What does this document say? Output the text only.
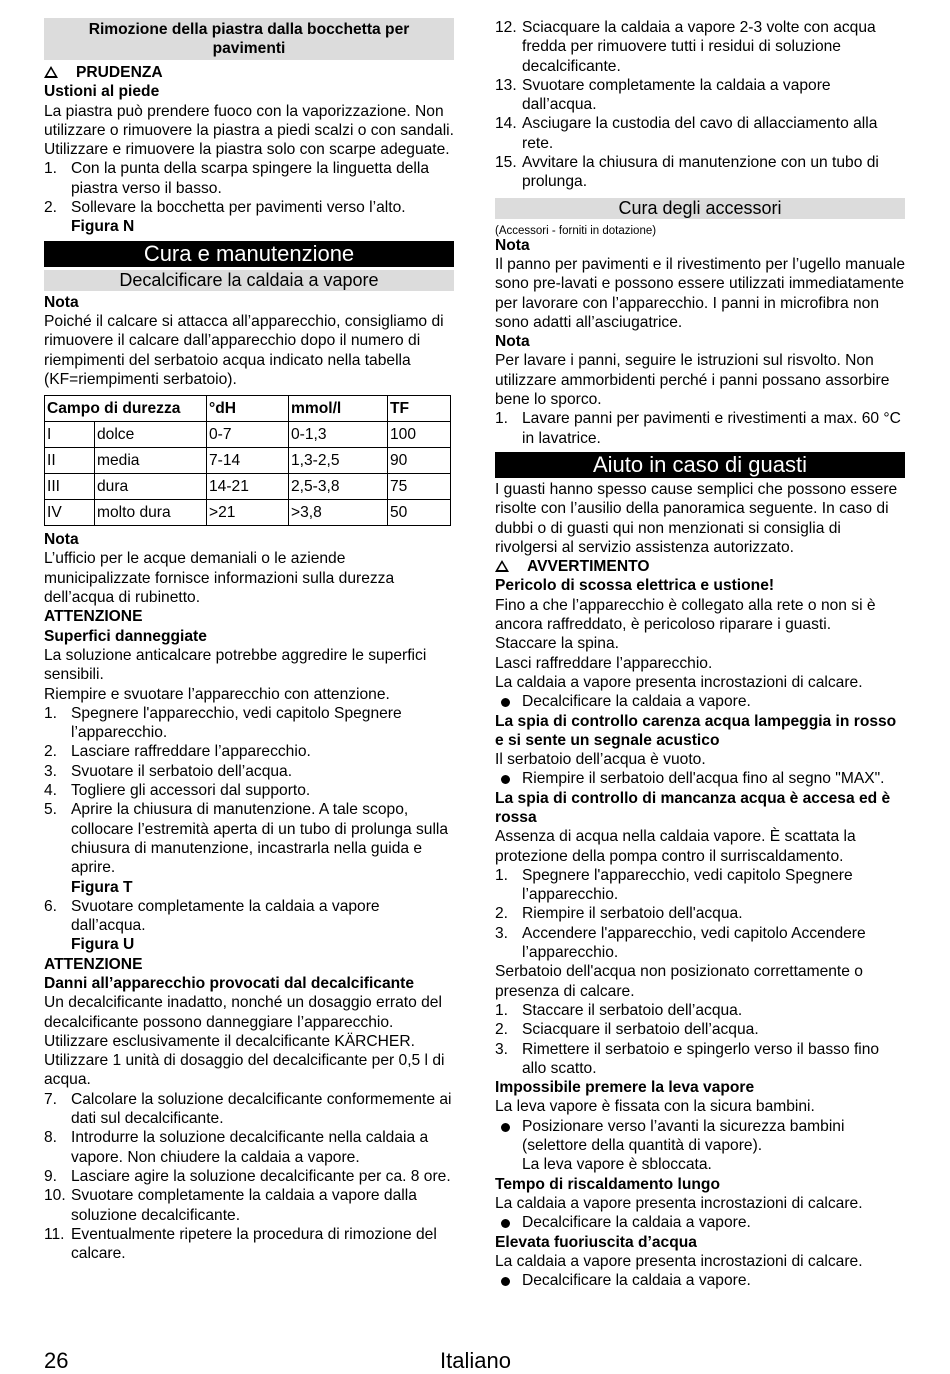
Rimozione della piastra dalla bocchetta per pavimenti

PRUDENZA

Ustioni al piede

La piastra può prendere fuoco con la vaporizzazione. Non utilizzare o rimuovere la piastra a piedi scalzi o con sandali.

Utilizzare e rimuovere la piastra solo con scarpe adeguate.

1. Con la punta della scarpa spingere la linguetta della piastra verso il basso.
2. Sollevare la bocchetta per pavimenti verso l’alto.
Figura N
Cura e manutenzione
Decalcificare la caldaia a vapore

Nota

Poiché il calcare si attacca all’apparecchio, consigliamo di rimuovere il calcare dall’apparecchio dopo il numero di riempimenti del serbatoio acqua indicato nella tabella (KF=riempimenti serbatoio).

Campo di durezza		°dH	mmol/l	TF
I	dolce	0-7	0-1,3	100
II	media	7-14	1,3-2,5	90
III	dura	14-21	2,5-3,8	75
IV	molto dura	>21	>3,8	50

Nota

L’ufficio per le acque demaniali o le aziende municipalizzate fornisce informazioni sulla durezza dell’acqua di rubinetto.

ATTENZIONE

Superfici danneggiate

La soluzione anticalcare potrebbe aggredire le superfici sensibili.

Riempire e svuotare l’apparecchio con attenzione.

1. Spegnere l'apparecchio, vedi capitolo Spegnere l’apparecchio.
2. Lasciare raffreddare l’apparecchio.
3. Svuotare il serbatoio dell’acqua.
4. Togliere gli accessori dal supporto.
5. Aprire la chiusura di manutenzione. A tale scopo, collocare l’estremità aperta di un tubo di prolunga sulla chiusura di manutenzione, incastrarla nella guida e aprire.
Figura T
6. Svuotare completamente la caldaia a vapore dall’acqua.
Figura U

ATTENZIONE

Danni all’apparecchio provocati dal decalcificante

Un decalcificante inadatto, nonché un dosaggio errato del decalcificante possono danneggiare l’apparecchio.

Utilizzare esclusivamente il decalcificante KÄRCHER.

Utilizzare 1 unità di dosaggio del decalcificante per 0,5 l di acqua.

7. Calcolare la soluzione decalcificante conformemente ai dati sul decalcificante.
8. Introdurre la soluzione decalcificante nella caldaia a vapore. Non chiudere la caldaia a vapore.
9. Lasciare agire la soluzione decalcificante per ca. 8 ore.
10. Svuotare completamente la caldaia a vapore dalla soluzione decalcificante.
11. Eventualmente ripetere la procedura di rimozione del calcare.
12. Sciacquare la caldaia a vapore 2-3 volte con acqua fredda per rimuovere tutti i residui di soluzione decalcificante.
13. Svuotare completamente la caldaia a vapore dall’acqua.
14. Asciugare la custodia del cavo di allacciamento alla rete.
15. Avvitare la chiusura di manutenzione con un tubo di prolunga.
Cura degli accessori

(Accessori - forniti in dotazione)

Nota

Il panno per pavimenti e il rivestimento per l’ugello manuale sono pre-lavati e possono essere utilizzati immediatamente per lavorare con l’apparecchio. I panni in microfibra non sono adatti all’asciugatrice.

Nota

Per lavare i panni, seguire le istruzioni sul risvolto. Non utilizzare ammorbidenti perché i panni possano assorbire bene lo sporco.

1. Lavare panni per pavimenti e rivestimenti a max. 60 °C in lavatrice.
Aiuto in caso di guasti

I guasti hanno spesso cause semplici che possono essere risolte con l’ausilio della panoramica seguente. In caso di dubbi o di guasti qui non menzionati si consiglia di rivolgersi al servizio assistenza autorizzato.

AVVERTIMENTO

Pericolo di scossa elettrica e ustione!

Fino a che l’apparecchio è collegato alla rete o non si è ancora raffreddato, è pericoloso riparare i guasti.

Staccare la spina.

Lasci raffreddare l’apparecchio.

La caldaia a vapore presenta incrostazioni di calcare.

Decalcificare la caldaia a vapore.

La spia di controllo carenza acqua lampeggia in rosso e si sente un segnale acustico

Il serbatoio dell’acqua è vuoto.

Riempire il serbatoio dell'acqua fino al segno "MAX".

La spia di controllo di mancanza acqua è accesa ed è rossa

Assenza di acqua nella caldaia vapore. È scattata la protezione della pompa contro il surriscaldamento.

1. Spegnere l'apparecchio, vedi capitolo Spegnere l’apparecchio.
2. Riempire il serbatoio dell'acqua.
3. Accendere l'apparecchio, vedi capitolo Accendere l’apparecchio.

Serbatoio dell'acqua non posizionato correttamente o presenza di calcare.

1. Staccare il serbatoio dell’acqua.
2. Sciacquare il serbatoio dell’acqua.
3. Rimettere il serbatoio e spingerlo verso il basso fino allo scatto.

Impossibile premere la leva vapore

La leva vapore è fissata con la sicura bambini.

Posizionare verso l’avanti la sicurezza bambini (selettore della quantità di vapore).
La leva vapore è sbloccata.

Tempo di riscaldamento lungo

La caldaia a vapore presenta incrostazioni di calcare.

Decalcificare la caldaia a vapore.

Elevata fuoriuscita d’acqua

La caldaia a vapore presenta incrostazioni di calcare.

Decalcificare la caldaia a vapore.
26	Italiano
